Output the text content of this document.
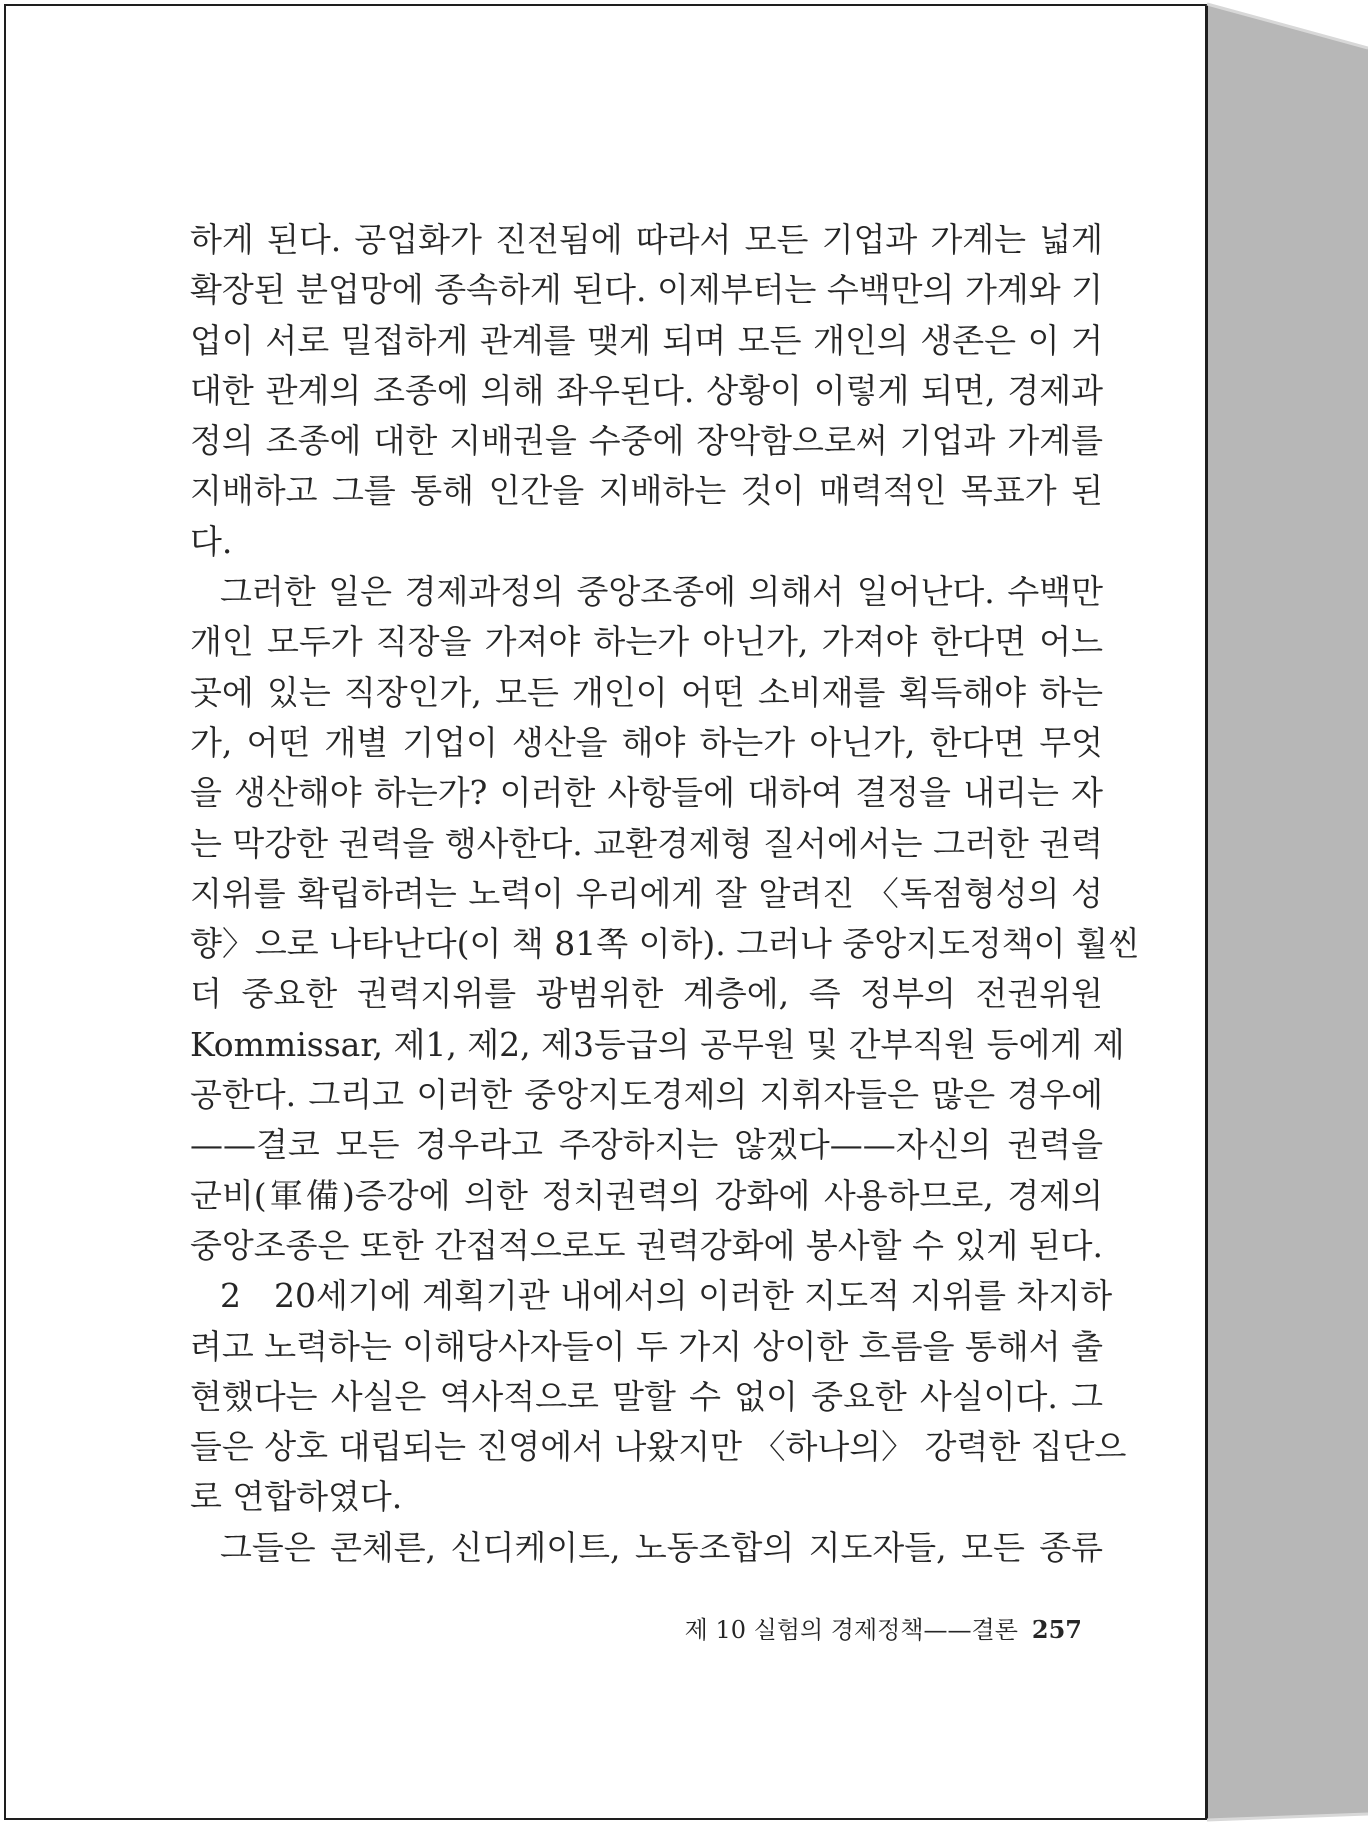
하게 된다. 공업화가 진전됨에 따라서 모든 기업과 가계는 넓게
확장된 분업망에 종속하게 된다. 이제부터는 수백만의 가계와 기
업이 서로 밀접하게 관계를 맺게 되며 모든 개인의 생존은 이 거
대한 관계의 조종에 의해 좌우된다. 상황이 이렇게 되면, 경제과
정의 조종에 대한 지배권을 수중에 장악함으로써 기업과 가계를
지배하고 그를 통해 인간을 지배하는 것이 매력적인 목표가 된
다.
그러한 일은 경제과정의 중앙조종에 의해서 일어난다. 수백만
개인 모두가 직장을 가져야 하는가 아닌가, 가져야 한다면 어느
곳에 있는 직장인가, 모든 개인이 어떤 소비재를 획득해야 하는
가, 어떤 개별 기업이 생산을 해야 하는가 아닌가, 한다면 무엇
을 생산해야 하는가? 이러한 사항들에 대하여 결정을 내리는 자
는 막강한 권력을 행사한다. 교환경제형 질서에서는 그러한 권력
지위를 확립하려는 노력이 우리에게 잘 알려진 〈독점형성의 성
향〉으로 나타난다(이 책 81쪽 이하). 그러나 중앙지도정책이 훨씬
더 중요한 권력지위를 광범위한 계층에, 즉 정부의 전권위원
Kommissar, 제1, 제2, 제3등급의 공무원 및 간부직원 등에게 제
공한다. 그리고 이러한 중앙지도경제의 지휘자들은 많은 경우에
——결코 모든 경우라고 주장하지는 않겠다——자신의 권력을
군비(軍備)증강에 의한 정치권력의 강화에 사용하므로, 경제의
중앙조종은 또한 간접적으로도 권력강화에 봉사할 수 있게 된다.
2　20세기에 계획기관 내에서의 이러한 지도적 지위를 차지하
려고 노력하는 이해당사자들이 두 가지 상이한 흐름을 통해서 출
현했다는 사실은 역사적으로 말할 수 없이 중요한 사실이다. 그
들은 상호 대립되는 진영에서 나왔지만 〈하나의〉 강력한 집단으
로 연합하였다.
그들은 콘체른, 신디케이트, 노동조합의 지도자들, 모든 종류
제 10 실험의 경제정책——결론 257
